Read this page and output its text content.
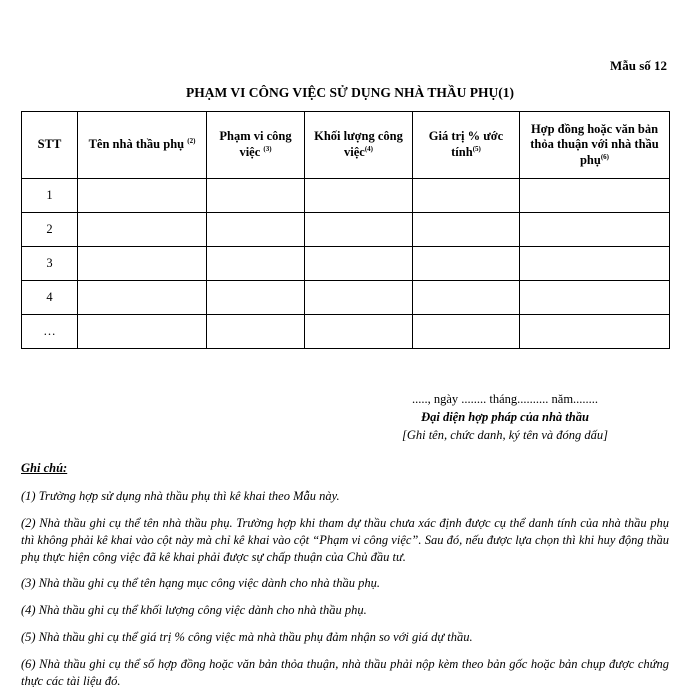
Mẫu số 12
PHẠM VI CÔNG VIỆC SỬ DỤNG NHÀ THẦU PHỤ(1)
STT	Tên nhà thầu phụ $^{(2)}$	Phạm vi công việc $^{(3)}$	Khối lượng công việc$^{(4)}$	Giá trị % ước tính$^{(5)}$	Hợp đồng hoặc văn bản thỏa thuận với nhà thầu phụ$^{(6)}$
1					
2					
3					
4					
…					
....., ngày ........ tháng.......... năm........
Đại diện hợp pháp của nhà thầu
[Ghi tên, chức danh, ký tên và đóng dấu]

Ghi chú:

(1) Trường hợp sử dụng nhà thầu phụ thì kê khai theo Mẫu này.

(2) Nhà thầu ghi cụ thể tên nhà thầu phụ. Trường hợp khi tham dự thầu chưa xác định được cụ thể danh tính của nhà thầu phụ thì không phải kê khai vào cột này mà chỉ kê khai vào cột “Phạm vi công việc”. Sau đó, nếu được lựa chọn thì khi huy động thầu phụ thực hiện công việc đã kê khai phải được sự chấp thuận của Chủ đầu tư.

(3) Nhà thầu ghi cụ thể tên hạng mục công việc dành cho nhà thầu phụ.

(4) Nhà thầu ghi cụ thể khối lượng công việc dành cho nhà thầu phụ.

(5) Nhà thầu ghi cụ thể giá trị % công việc mà nhà thầu phụ đảm nhận so với giá dự thầu.

(6) Nhà thầu ghi cụ thể số hợp đồng hoặc văn bản thỏa thuận, nhà thầu phải nộp kèm theo bản gốc hoặc bản chụp được chứng thực các tài liệu đó.
